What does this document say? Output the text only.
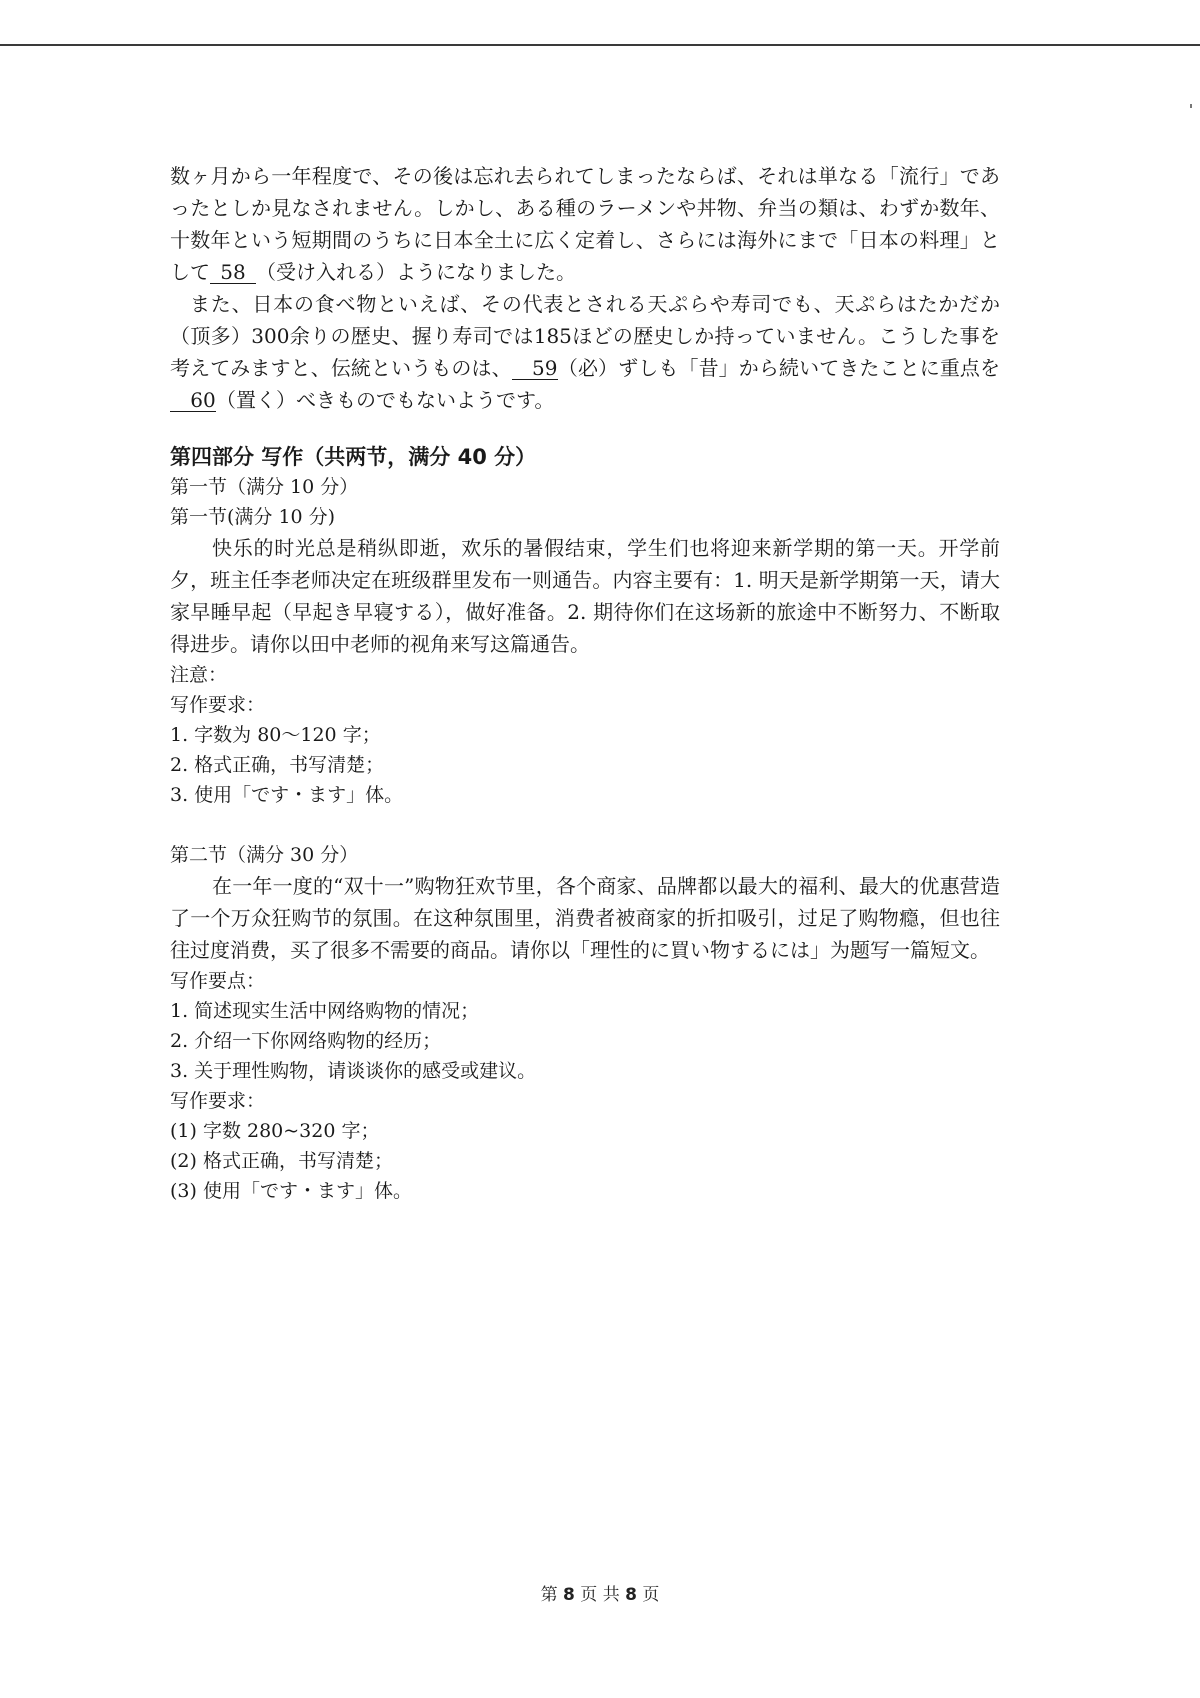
数ヶ月から一年程度で、その後は忘れ去られてしまったならば、それは単なる「流行」であったとしか見なされません。しかし、ある種のラーメンや丼物、弁当の類は、わずか数年、十数年という短期間のうちに日本全土に広く定着し、さらには海外にまで「日本の料理」として 58 （受け入れる）ようになりました。

また、日本の食べ物といえば、その代表とされる天ぷらや寿司でも、天ぷらはたかだか（顶多）300余りの歴史、握り寿司では185ほどの歴史しか持っていません。こうした事を考えてみますと、伝統というものは、 59（必）ずしも「昔」から続いてきたことに重点を60（置く）べきものでもないようです。

第四部分 写作（共两节，满分 40 分）

第一节（满分 10 分）

第一节(满分 10 分)

快乐的时光总是稍纵即逝，欢乐的暑假结束，学生们也将迎来新学期的第一天。开学前夕，班主任李老师决定在班级群里发布一则通告。内容主要有：1. 明天是新学期第一天，请大家早睡早起（早起き早寝する），做好准备。2. 期待你们在这场新的旅途中不断努力、不断取得进步。请你以田中老师的视角来写这篇通告。

注意：

写作要求：

1. 字数为 80～120 字；

2. 格式正确，书写清楚；

3. 使用「です・ます」体。

第二节（满分 30 分）

在一年一度的“双十一”购物狂欢节里，各个商家、品牌都以最大的福利、最大的优惠营造了一个万众狂购节的氛围。在这种氛围里，消费者被商家的折扣吸引，过足了购物瘾，但也往往过度消费，买了很多不需要的商品。请你以「理性的に買い物するには」为题写一篇短文。

写作要点：

1. 简述现实生活中网络购物的情况；

2. 介绍一下你网络购物的经历；

3. 关于理性购物，请谈谈你的感受或建议。

写作要求：

(1) 字数 280~320 字；

(2) 格式正确，书写清楚；

(3) 使用「です・ます」体。

第 8 页 共 8 页
